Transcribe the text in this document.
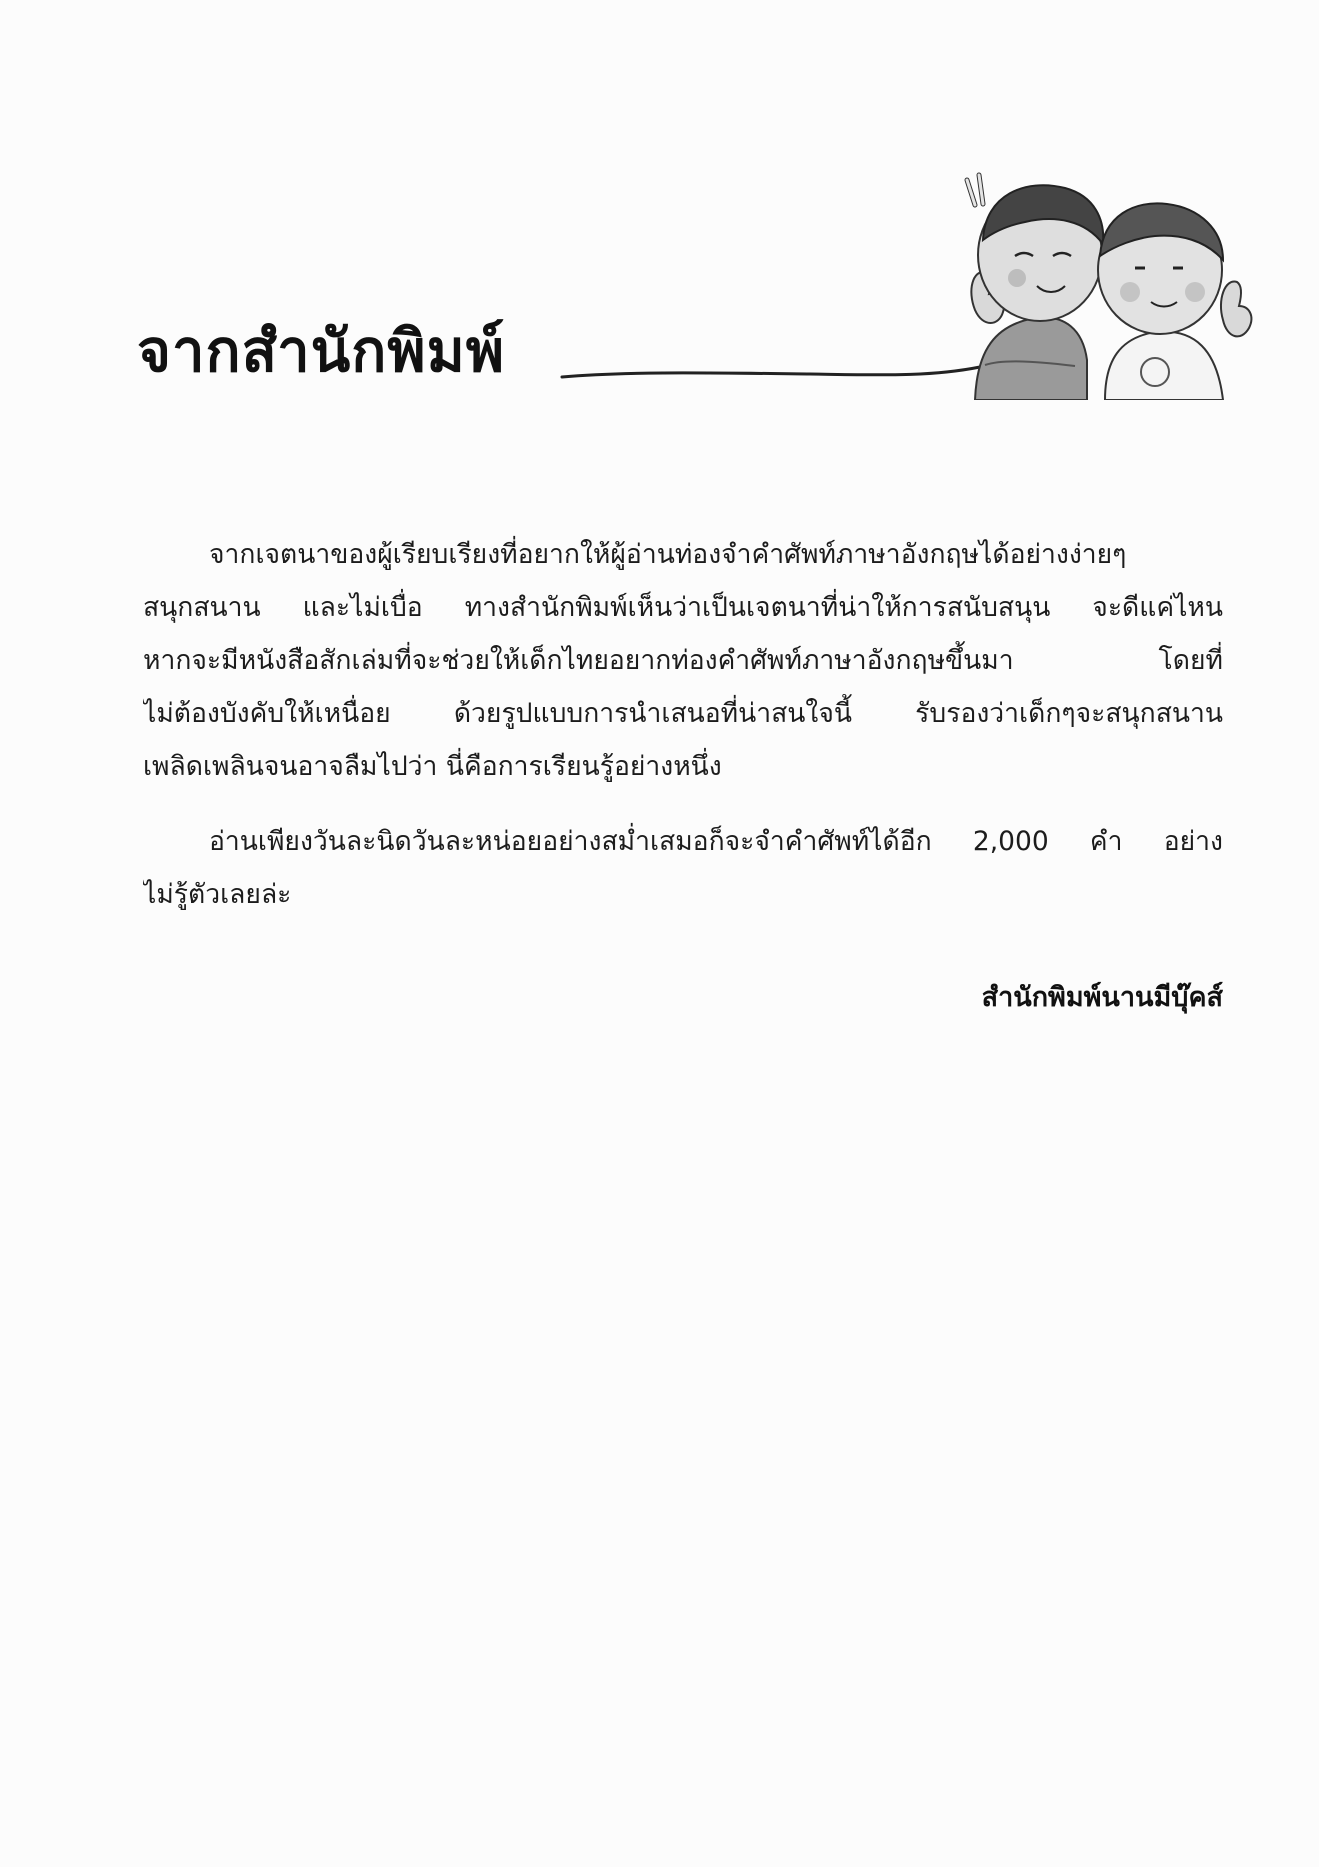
จากสำนักพิมพ์
จากเจตนาของผู้เรียบเรียงที่อยากให้ผู้อ่านท่องจำคำศัพท์ภาษาอังกฤษได้อย่างง่ายๆ
สนุกสนาน และไม่เบื่อ ทางสำนักพิมพ์เห็นว่าเป็นเจตนาที่น่าให้การสนับสนุน จะดีแค่ไหน
หากจะมีหนังสือสักเล่มที่จะช่วยให้เด็กไทยอยากท่องคำศัพท์ภาษาอังกฤษขึ้นมา โดยที่
ไม่ต้องบังคับให้เหนื่อย ด้วยรูปแบบการนำเสนอที่น่าสนใจนี้ รับรองว่าเด็กๆจะสนุกสนาน
เพลิดเพลินจนอาจลืมไปว่า นี่คือการเรียนรู้อย่างหนึ่ง
อ่านเพียงวันละนิดวันละหน่อยอย่างสม่ำเสมอก็จะจำคำศัพท์ได้อีก 2,000 คำ อย่าง
ไม่รู้ตัวเลยล่ะ
สำนักพิมพ์นานมีบุ๊คส์
